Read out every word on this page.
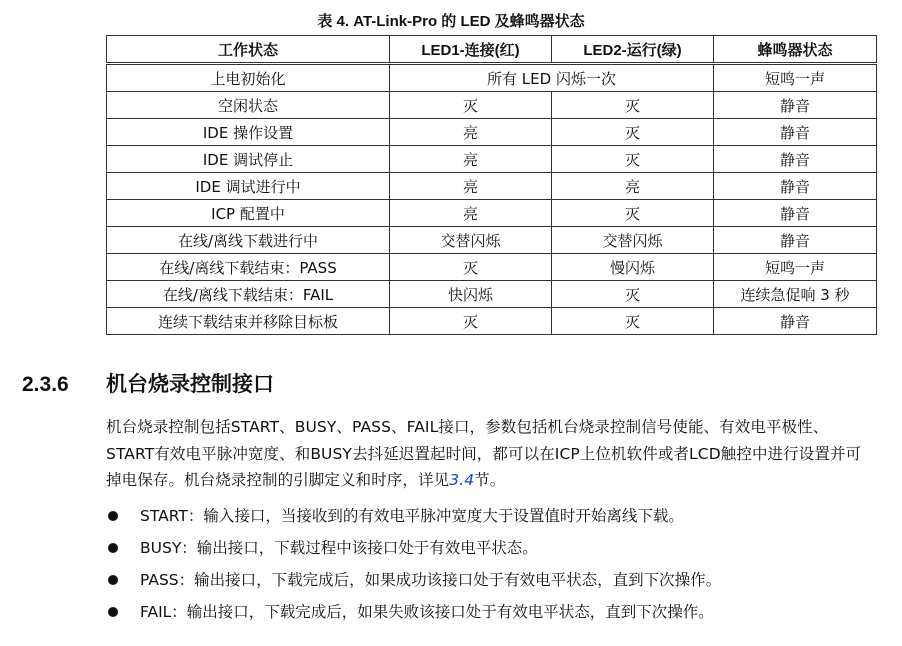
表 4. AT-Link-Pro 的 LED 及蜂鸣器状态
工作状态	LED1-连接(红)	LED2-运行(绿)	蜂鸣器状态
上电初始化	所有 LED 闪烁一次		短鸣一声
空闲状态	灭	灭	静音
IDE 操作设置	亮	灭	静音
IDE 调试停止	亮	灭	静音
IDE 调试进行中	亮	亮	静音
ICP 配置中	亮	灭	静音
在线/离线下载进行中	交替闪烁	交替闪烁	静音
在线/离线下载结束：PASS	灭	慢闪烁	短鸣一声
在线/离线下载结束：FAIL	快闪烁	灭	连续急促响 3 秒
连续下载结束并移除目标板	灭	灭	静音
2.3.6 机台烧录控制接口
机台烧录控制包括START、BUSY、PASS、FAIL接口，参数包括机台烧录控制信号使能、有效电平极性、START有效电平脉冲宽度、和BUSY去抖延迟置起时间，都可以在ICP上位机软件或者LCD触控中进行设置并可掉电保存。机台烧录控制的引脚定义和时序，详见3.4节。
START：输入接口，当接收到的有效电平脉冲宽度大于设置值时开始离线下载。
BUSY：输出接口，下载过程中该接口处于有效电平状态。
PASS：输出接口，下载完成后，如果成功该接口处于有效电平状态，直到下次操作。
FAIL：输出接口，下载完成后，如果失败该接口处于有效电平状态，直到下次操作。
